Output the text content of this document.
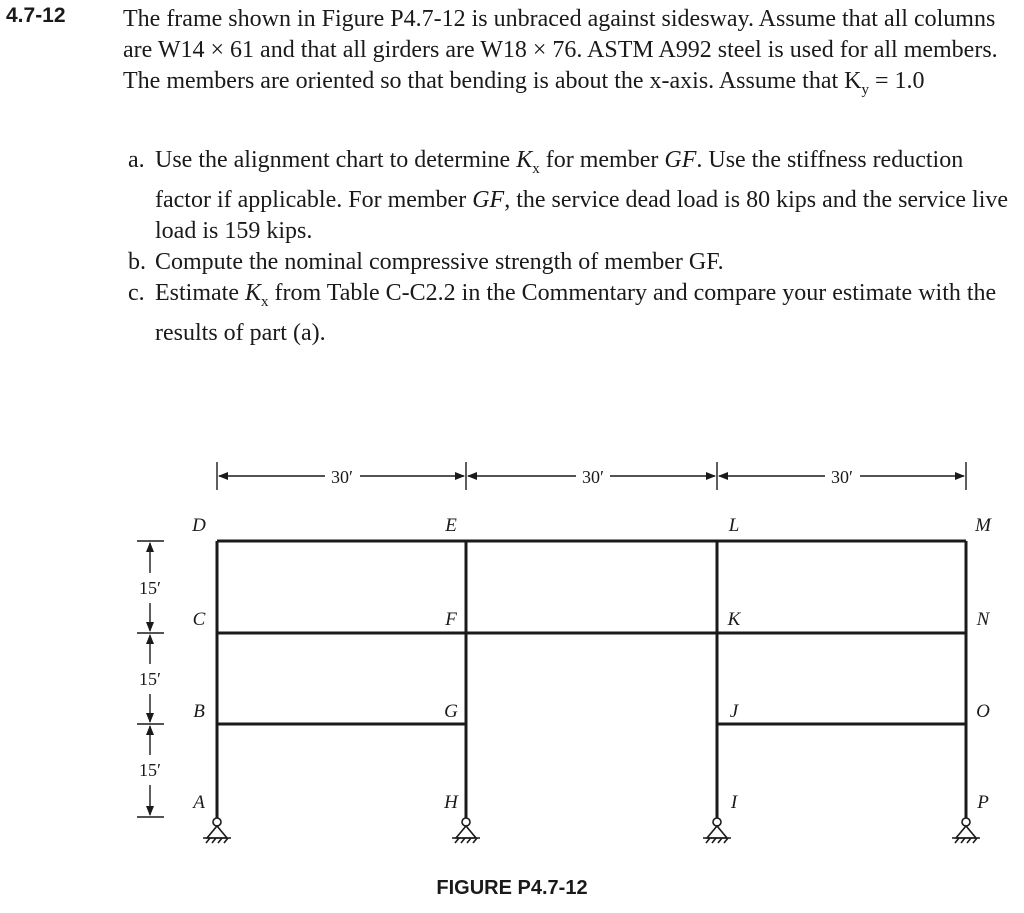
4.7-12 The frame shown in Figure P4.7-12 is unbraced against sidesway. Assume that all columns are W14 × 61 and that all girders are W18 × 76. ASTM A992 steel is used for all members. The members are oriented so that bending is about the x-axis. Assume that $K_y = 1.0$

a. Use the alignment chart to determine $K_x$ for member GF. Use the stiffness reduction factor if applicable. For member GF, the service dead load is 80 kips and the service live load is 159 kips.

b. Compute the nominal compressive strength of member GF.

c. Estimate $K_x$ from Table C-C2.2 in the Commentary and compare your estimate with the results of part (a).

30′	30′	30′
15′
15′
15′
D	E	L	M
C	F	K	N
B	G	J	O
A	H	I	P
FIGURE P4.7-12
